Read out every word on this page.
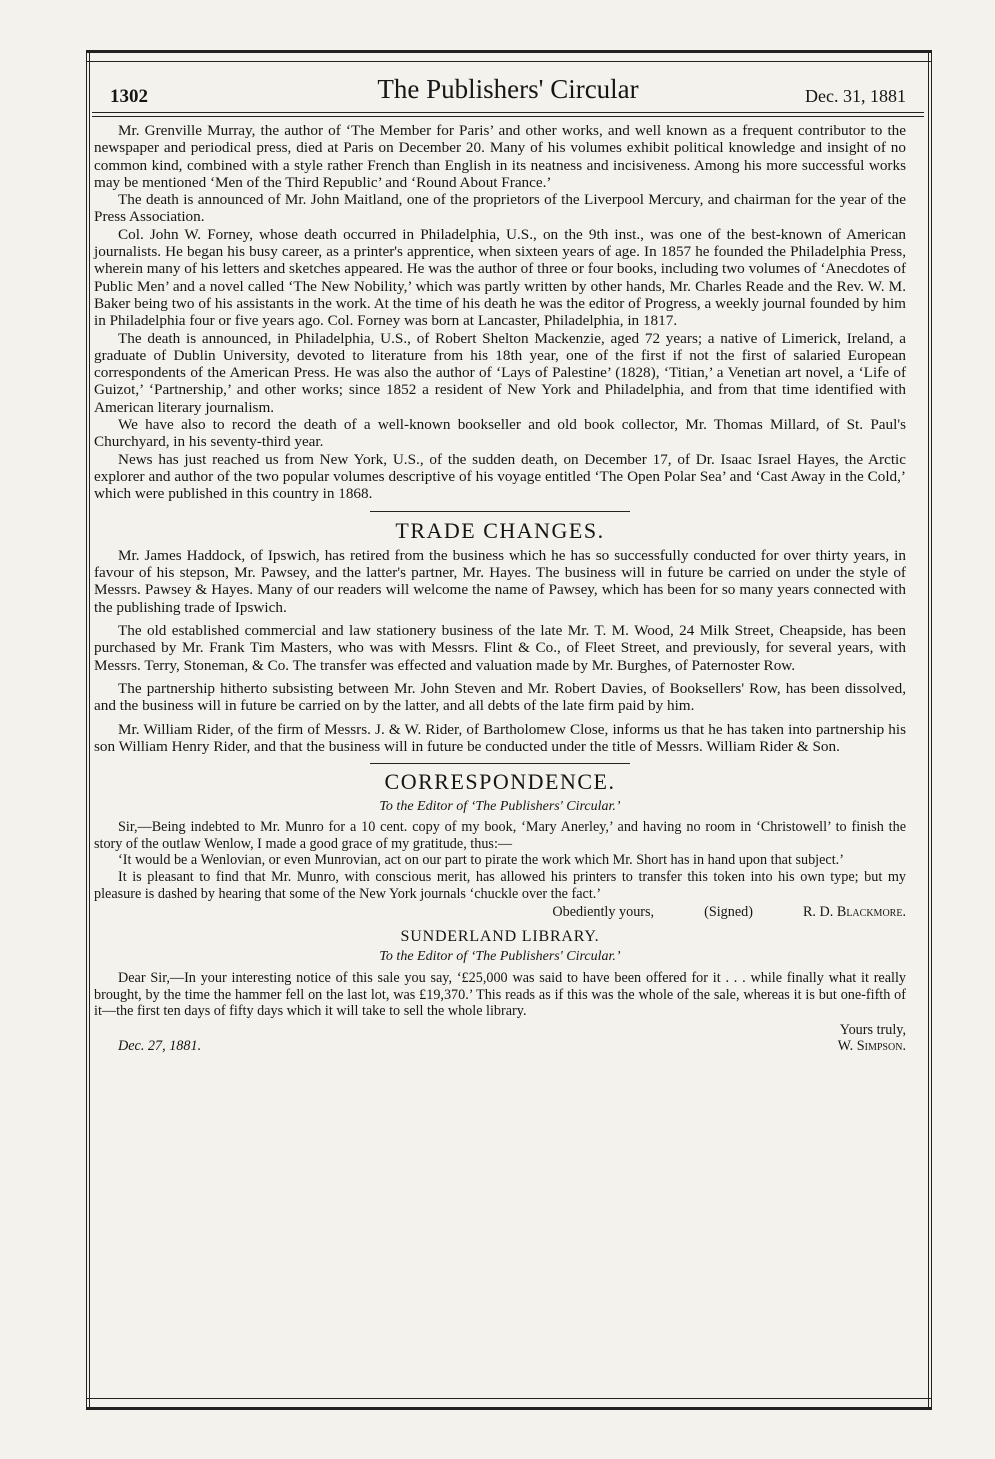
1302	The Publishers' Circular	Dec. 31, 1881

Mr. Grenville Murray, the author of ‘The Member for Paris’ and other works, and well known as a frequent contributor to the newspaper and periodical press, died at Paris on December 20. Many of his volumes exhibit political knowledge and insight of no common kind, combined with a style rather French than English in its neatness and incisiveness. Among his more successful works may be mentioned ‘Men of the Third Republic’ and ‘Round About France.’

The death is announced of Mr. John Maitland, one of the proprietors of the Liverpool Mercury, and chairman for the year of the Press Association.

Col. John W. Forney, whose death occurred in Philadelphia, U.S., on the 9th inst., was one of the best-known of American journalists. He began his busy career, as a printer's apprentice, when sixteen years of age. In 1857 he founded the Philadelphia Press, wherein many of his letters and sketches appeared. He was the author of three or four books, including two volumes of ‘Anecdotes of Public Men’ and a novel called ‘The New Nobility,’ which was partly written by other hands, Mr. Charles Reade and the Rev. W. M. Baker being two of his assistants in the work. At the time of his death he was the editor of Progress, a weekly journal founded by him in Philadelphia four or five years ago. Col. Forney was born at Lancaster, Philadelphia, in 1817.

The death is announced, in Philadelphia, U.S., of Robert Shelton Mackenzie, aged 72 years; a native of Limerick, Ireland, a graduate of Dublin University, devoted to literature from his 18th year, one of the first if not the first of salaried European correspondents of the American Press. He was also the author of ‘Lays of Palestine’ (1828), ‘Titian,’ a Venetian art novel, a ‘Life of Guizot,’ ‘Partnership,’ and other works; since 1852 a resident of New York and Philadelphia, and from that time identified with American literary journalism.

We have also to record the death of a well-known bookseller and old book collector, Mr. Thomas Millard, of St. Paul's Churchyard, in his seventy-third year.

News has just reached us from New York, U.S., of the sudden death, on December 17, of Dr. Isaac Israel Hayes, the Arctic explorer and author of the two popular volumes descriptive of his voyage entitled ‘The Open Polar Sea’ and ‘Cast Away in the Cold,’ which were published in this country in 1868.

TRADE CHANGES.

Mr. James Haddock, of Ipswich, has retired from the business which he has so successfully conducted for over thirty years, in favour of his stepson, Mr. Pawsey, and the latter's partner, Mr. Hayes. The business will in future be carried on under the style of Messrs. Pawsey & Hayes. Many of our readers will welcome the name of Pawsey, which has been for so many years connected with the publishing trade of Ipswich.

The old established commercial and law stationery business of the late Mr. T. M. Wood, 24 Milk Street, Cheapside, has been purchased by Mr. Frank Tim Masters, who was with Messrs. Flint & Co., of Fleet Street, and previously, for several years, with Messrs. Terry, Stoneman, & Co. The transfer was effected and valuation made by Mr. Burghes, of Paternoster Row.

The partnership hitherto subsisting between Mr. John Steven and Mr. Robert Davies, of Booksellers' Row, has been dissolved, and the business will in future be carried on by the latter, and all debts of the late firm paid by him.

Mr. William Rider, of the firm of Messrs. J. & W. Rider, of Bartholomew Close, informs us that he has taken into partnership his son William Henry Rider, and that the business will in future be conducted under the title of Messrs. William Rider & Son.

CORRESPONDENCE.
To the Editor of ‘The Publishers' Circular.’

Sir,—Being indebted to Mr. Munro for a 10 cent. copy of my book, ‘Mary Anerley,’ and having no room in ‘Christowell’ to finish the story of the outlaw Wenlow, I made a good grace of my gratitude, thus:—

‘It would be a Wenlovian, or even Munrovian, act on our part to pirate the work which Mr. Short has in hand upon that subject.’

It is pleasant to find that Mr. Munro, with conscious merit, has allowed his printers to transfer this token into his own type; but my pleasure is dashed by hearing that some of the New York journals ‘chuckle over the fact.’

Obediently yours,	(Signed)	R. D. Blackmore.
SUNDERLAND LIBRARY.
To the Editor of ‘The Publishers' Circular.’

Dear Sir,—In your interesting notice of this sale you say, ‘£25,000 was said to have been offered for it . . . while finally what it really brought, by the time the hammer fell on the last lot, was £19,370.’ This reads as if this was the whole of the sale, whereas it is but one-fifth of it—the first ten days of fifty days which it will take to sell the whole library.

Yours truly,
Dec. 27, 1881.	W. Simpson.
